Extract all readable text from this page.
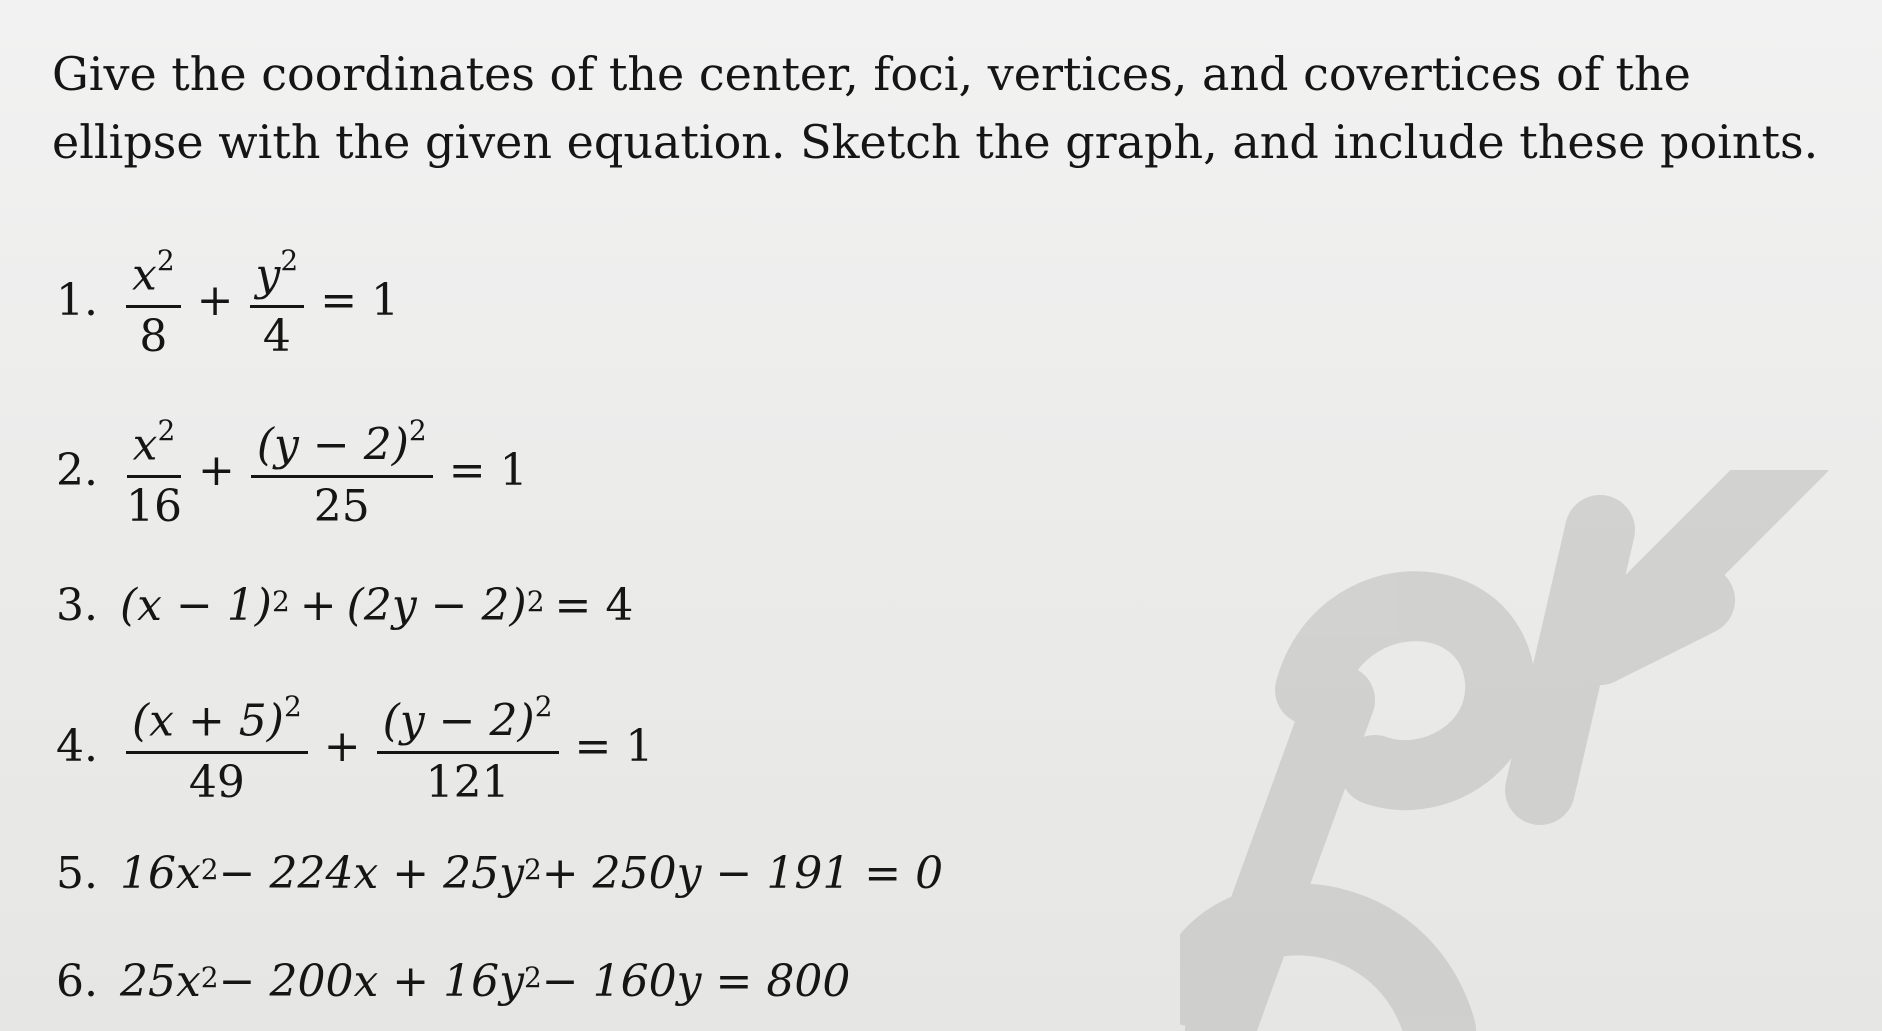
Give the coordinates of the center, foci, vertices, and covertices of the ellipse with the given equation. Sketch the graph, and include these points.
1. $\frac{x^2}{8} + \frac{y^2}{4} = 1$
2. $\frac{x^2}{16} + \frac{(y - 2)^2}{25} = 1$
3. $(x - 1)^2 + (2y - 2)^2 = 4$
4. $\frac{(x + 5)^2}{49} + \frac{(y - 2)^2}{121} = 1$
5. $16x^2 - 224x + 25y^2 + 250y - 191 = 0$
6. $25x^2 - 200x + 16y^2 - 160y = 800$
